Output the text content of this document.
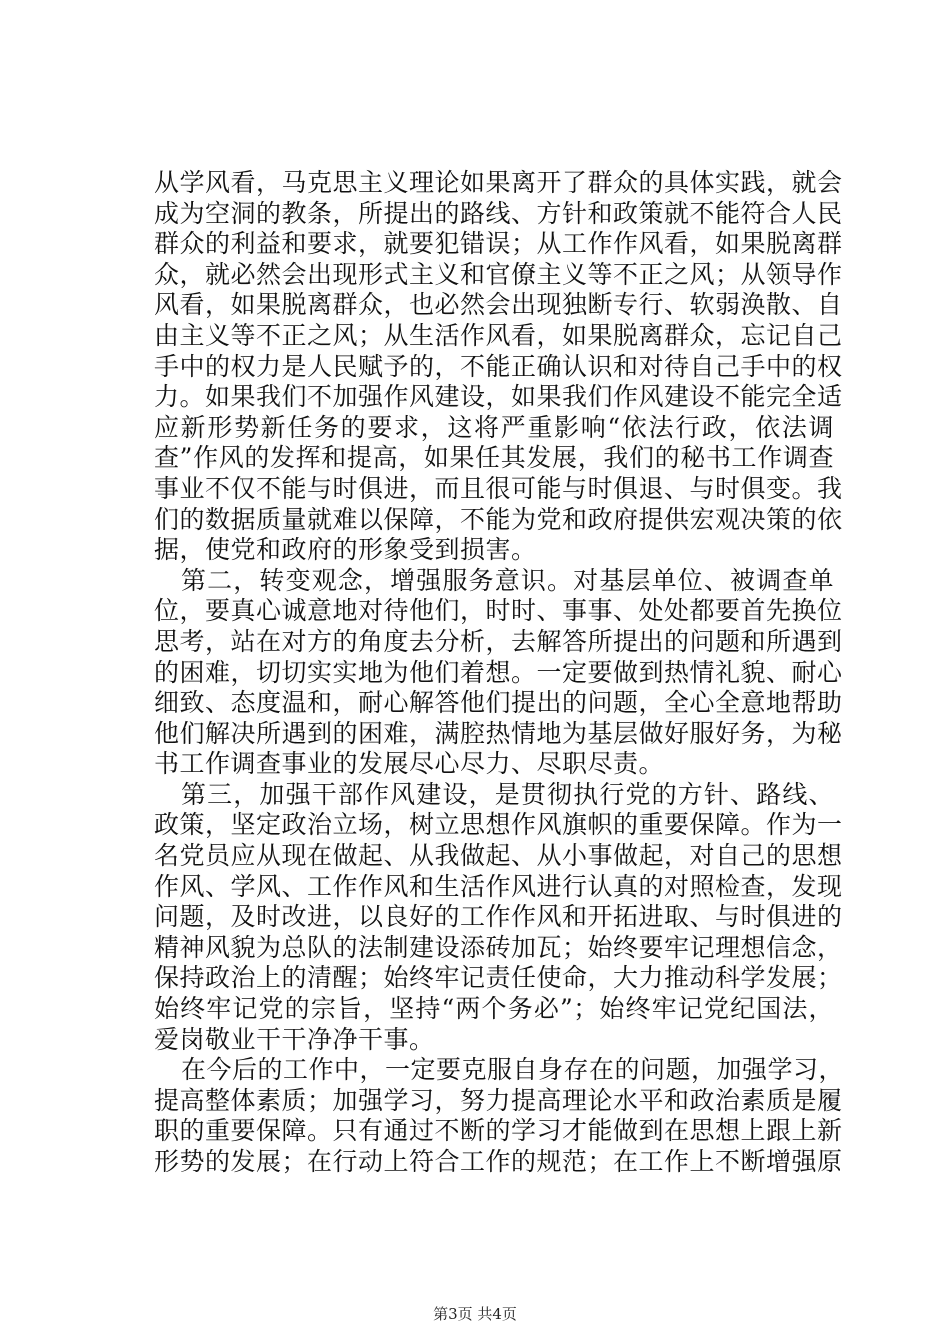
从学风看，马克思主义理论如果离开了群众的具体实践，就会
成为空洞的教条，所提出的路线、方针和政策就不能符合人民
群众的利益和要求，就要犯错误；从工作作风看，如果脱离群
众，就必然会出现形式主义和官僚主义等不正之风；从领导作
风看，如果脱离群众，也必然会出现独断专行、软弱涣散、自
由主义等不正之风；从生活作风看，如果脱离群众，忘记自己
手中的权力是人民赋予的，不能正确认识和对待自己手中的权
力。如果我们不加强作风建设，如果我们作风建设不能完全适
应新形势新任务的要求，这将严重影响“依法行政，依法调
查”作风的发挥和提高，如果任其发展，我们的秘书工作调查
事业不仅不能与时俱进，而且很可能与时俱退、与时俱变。我
们的数据质量就难以保障，不能为党和政府提供宏观决策的依
据，使党和政府的形象受到损害。
第二，转变观念，增强服务意识。对基层单位、被调查单
位，要真心诚意地对待他们，时时、事事、处处都要首先换位
思考，站在对方的角度去分析，去解答所提出的问题和所遇到
的困难，切切实实地为他们着想。一定要做到热情礼貌、耐心
细致、态度温和，耐心解答他们提出的问题，全心全意地帮助
他们解决所遇到的困难，满腔热情地为基层做好服好务，为秘
书工作调查事业的发展尽心尽力、尽职尽责。
第三，加强干部作风建设，是贯彻执行党的方针、路线、
政策，坚定政治立场，树立思想作风旗帜的重要保障。作为一
名党员应从现在做起、从我做起、从小事做起，对自己的思想
作风、学风、工作作风和生活作风进行认真的对照检查，发现
问题，及时改进，以良好的工作作风和开拓进取、与时俱进的
精神风貌为总队的法制建设添砖加瓦；始终要牢记理想信念，
保持政治上的清醒；始终牢记责任使命，大力推动科学发展；
始终牢记党的宗旨，坚持“两个务必”；始终牢记党纪国法，
爱岗敬业干干净净干事。
在今后的工作中，一定要克服自身存在的问题，加强学习，
提高整体素质；加强学习，努力提高理论水平和政治素质是履
职的重要保障。只有通过不断的学习才能做到在思想上跟上新
形势的发展；在行动上符合工作的规范；在工作上不断增强原
第3页 共4页
